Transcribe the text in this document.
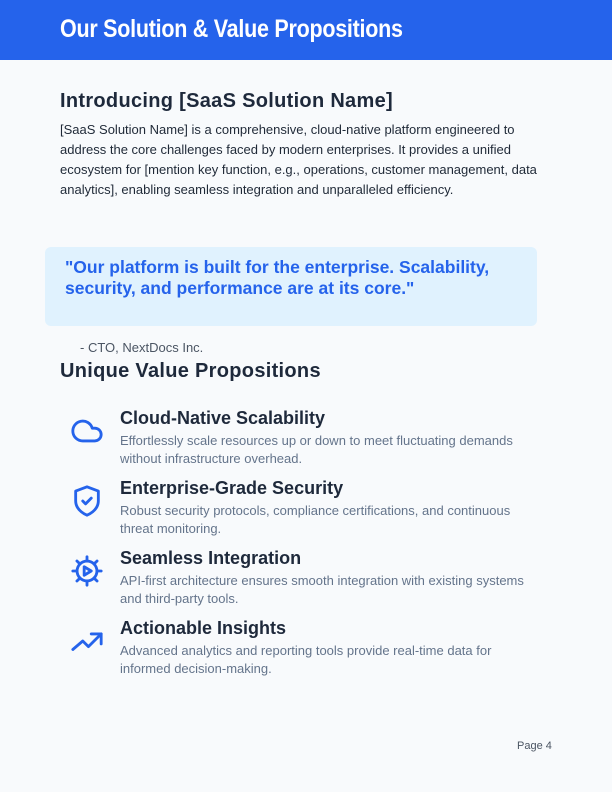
Our Solution & Value Propositions
Introducing [SaaS Solution Name]

[SaaS Solution Name] is a comprehensive, cloud-native platform engineered to address the core challenges faced by modern enterprises. It provides a unified ecosystem for [mention key function, e.g., operations, customer management, data analytics], enabling seamless integration and unparalleled efficiency.

"Our platform is built for the enterprise. Scalability, security, and performance are at its core."
- CTO, NextDocs Inc.
Unique Value Propositions
Cloud-Native Scalability
Effortlessly scale resources up or down to meet fluctuating demands without infrastructure overhead.
Enterprise-Grade Security
Robust security protocols, compliance certifications, and continuous threat monitoring.
Seamless Integration
API-first architecture ensures smooth integration with existing systems and third-party tools.
Actionable Insights
Advanced analytics and reporting tools provide real-time data for informed decision-making.
Page 4
